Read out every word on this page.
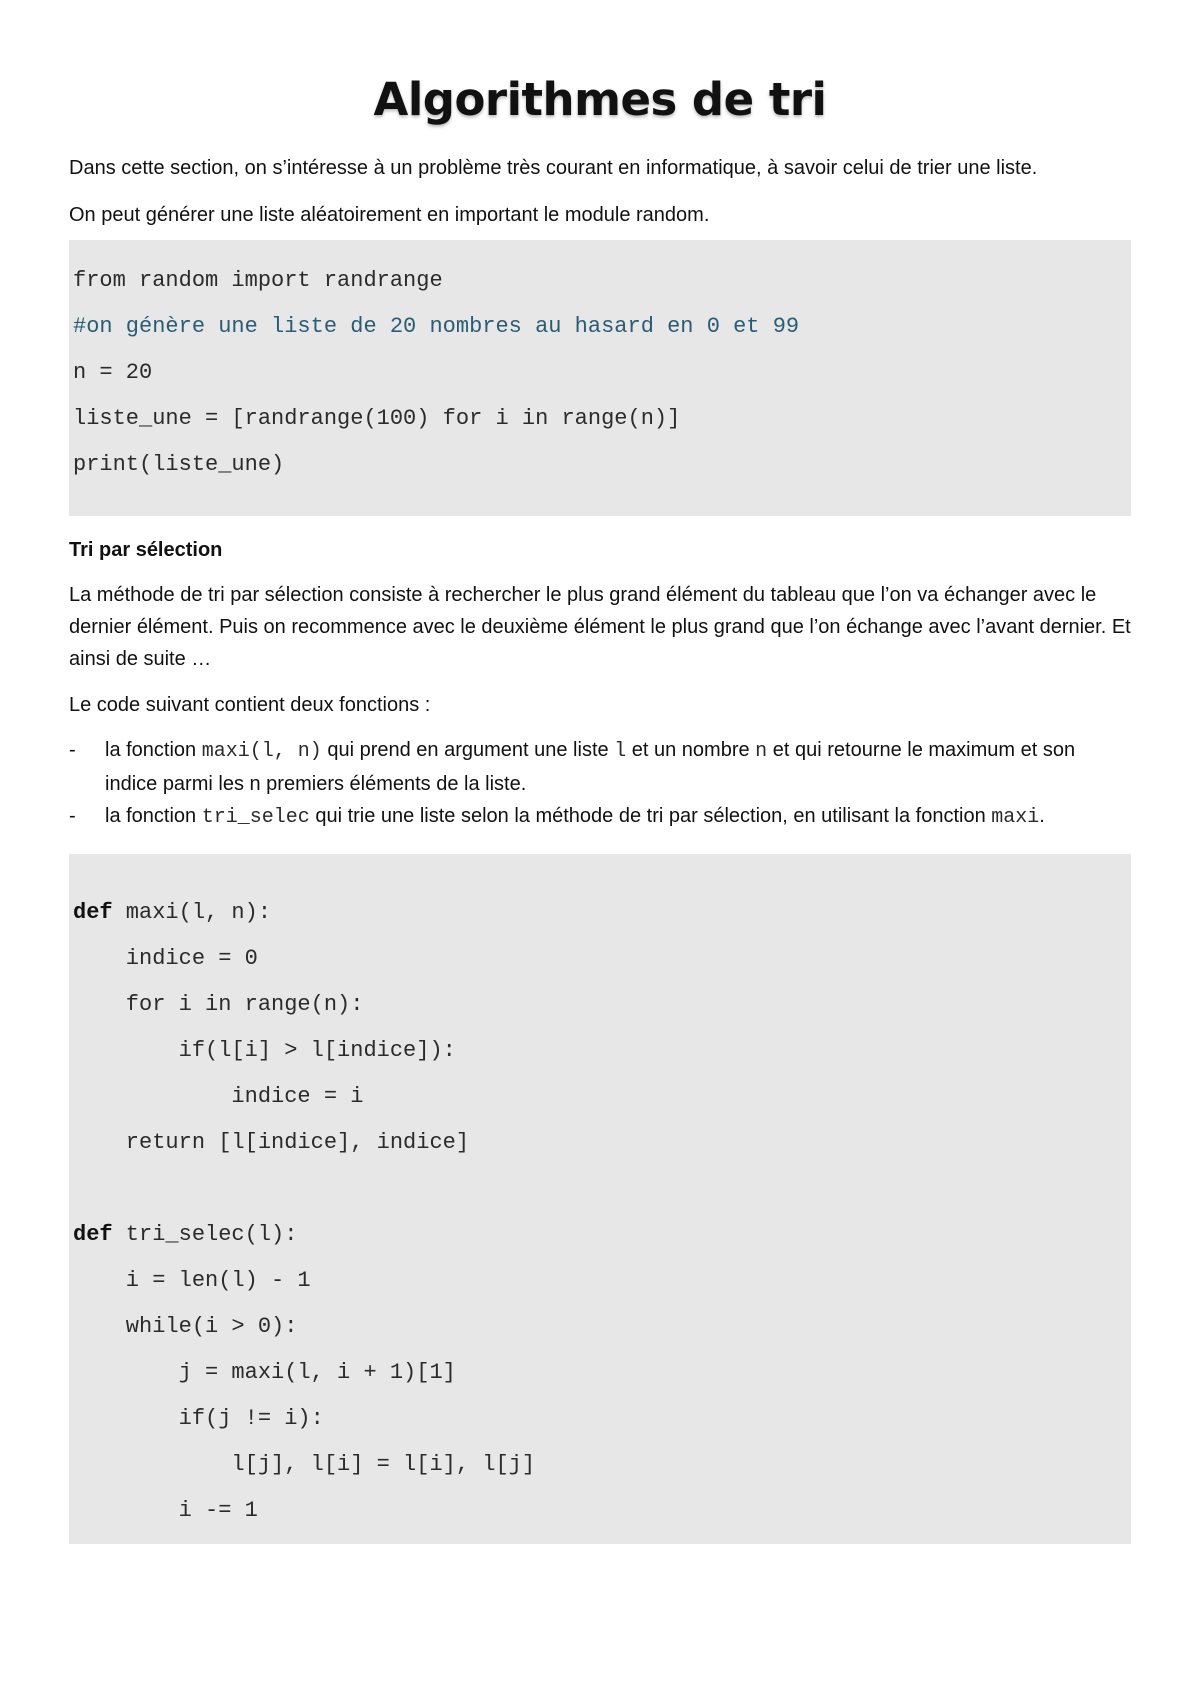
Algorithmes de tri

Dans cette section, on s’intéresse à un problème très courant en informatique, à savoir celui de trier une liste.

On peut générer une liste aléatoirement en important le module random.

from random import randrange
#on génère une liste de 20 nombres au hasard en 0 et 99
n = 20
liste_une = [randrange(100) for i in range(n)]
print(liste_une)
Tri par sélection

La méthode de tri par sélection consiste à rechercher le plus grand élément du tableau que l’on va échanger avec le dernier élément. Puis on recommence avec le deuxième élément le plus grand que l’on échange avec l’avant dernier. Et ainsi de suite …

Le code suivant contient deux fonctions :

- la fonction maxi(l, n) qui prend en argument une liste l et un nombre n et qui retourne le maximum et son indice parmi les n premiers éléments de la liste.
- la fonction tri_selec qui trie une liste selon la méthode de tri par sélection, en utilisant la fonction maxi.
def maxi(l, n):
indice = 0
for i in range(n):
if(l[i] > l[indice]):
indice = i
return [l[indice], indice]
def tri_selec(l):
i = len(l) - 1
while(i > 0):
j = maxi(l, i + 1)[1]
if(j != i):
l[j], l[i] = l[i], l[j]
i -= 1
